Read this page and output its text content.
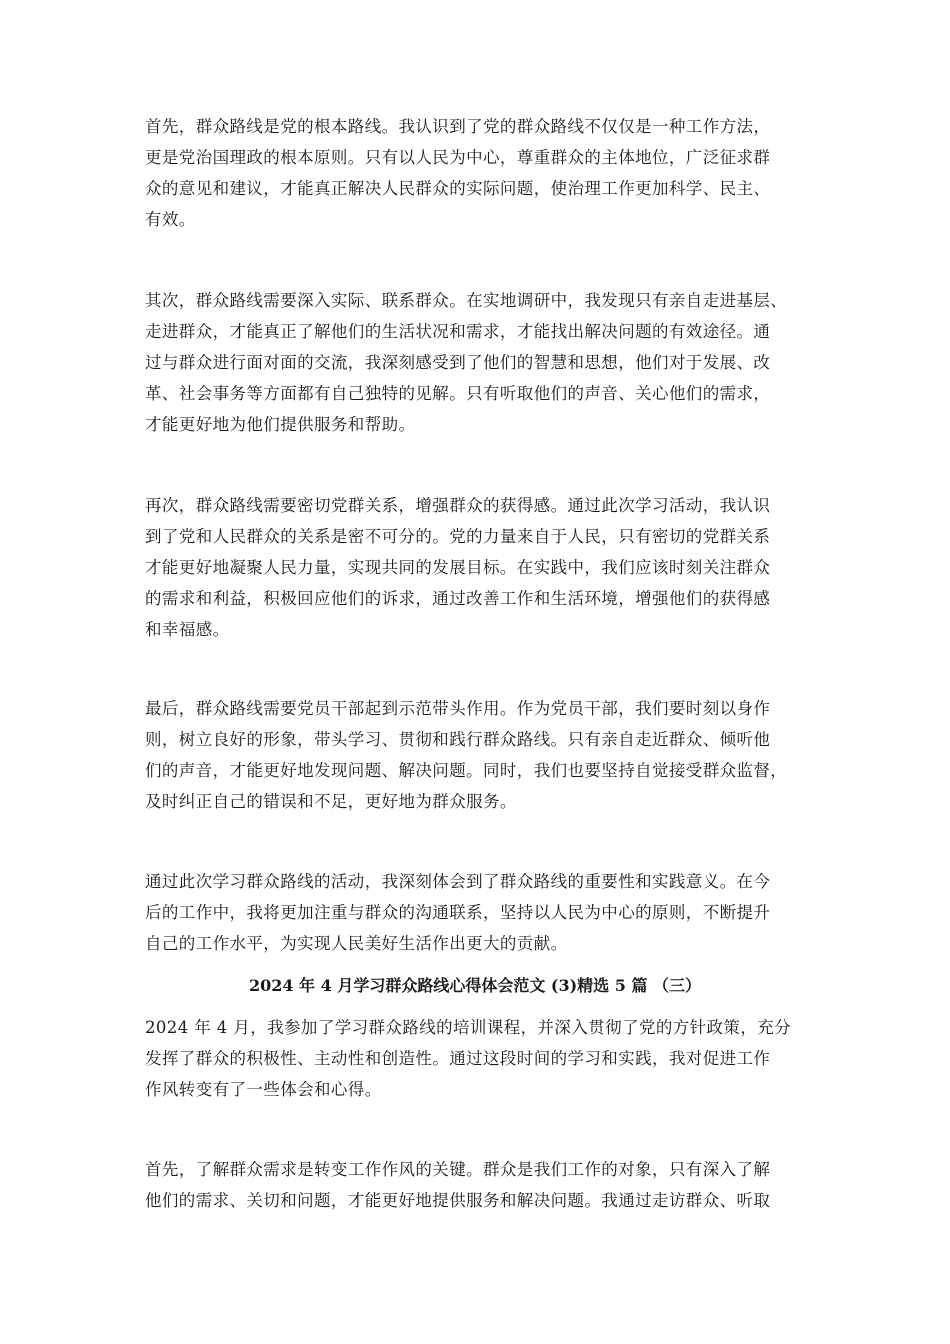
首先，群众路线是党的根本路线。我认识到了党的群众路线不仅仅是一种工作方法，
更是党治国理政的根本原则。只有以人民为中心，尊重群众的主体地位，广泛征求群
众的意见和建议，才能真正解决人民群众的实际问题，使治理工作更加科学、民主、
有效。
其次，群众路线需要深入实际、联系群众。在实地调研中，我发现只有亲自走进基层、
走进群众，才能真正了解他们的生活状况和需求，才能找出解决问题的有效途径。通
过与群众进行面对面的交流，我深刻感受到了他们的智慧和思想，他们对于发展、改
革、社会事务等方面都有自己独特的见解。只有听取他们的声音、关心他们的需求，
才能更好地为他们提供服务和帮助。
再次，群众路线需要密切党群关系，增强群众的获得感。通过此次学习活动，我认识
到了党和人民群众的关系是密不可分的。党的力量来自于人民，只有密切的党群关系
才能更好地凝聚人民力量，实现共同的发展目标。在实践中，我们应该时刻关注群众
的需求和利益，积极回应他们的诉求，通过改善工作和生活环境，增强他们的获得感
和幸福感。
最后，群众路线需要党员干部起到示范带头作用。作为党员干部，我们要时刻以身作
则，树立良好的形象，带头学习、贯彻和践行群众路线。只有亲自走近群众、倾听他
们的声音，才能更好地发现问题、解决问题。同时，我们也要坚持自觉接受群众监督，
及时纠正自己的错误和不足，更好地为群众服务。
通过此次学习群众路线的活动，我深刻体会到了群众路线的重要性和实践意义。在今
后的工作中，我将更加注重与群众的沟通联系，坚持以人民为中心的原则，不断提升
自己的工作水平，为实现人民美好生活作出更大的贡献。
2024 年 4 月学习群众路线心得体会范文 (3)精选 5 篇 （三）
2024 年 4 月，我参加了学习群众路线的培训课程，并深入贯彻了党的方针政策，充分
发挥了群众的积极性、主动性和创造性。通过这段时间的学习和实践，我对促进工作
作风转变有了一些体会和心得。
首先，了解群众需求是转变工作作风的关键。群众是我们工作的对象，只有深入了解
他们的需求、关切和问题，才能更好地提供服务和解决问题。我通过走访群众、听取
